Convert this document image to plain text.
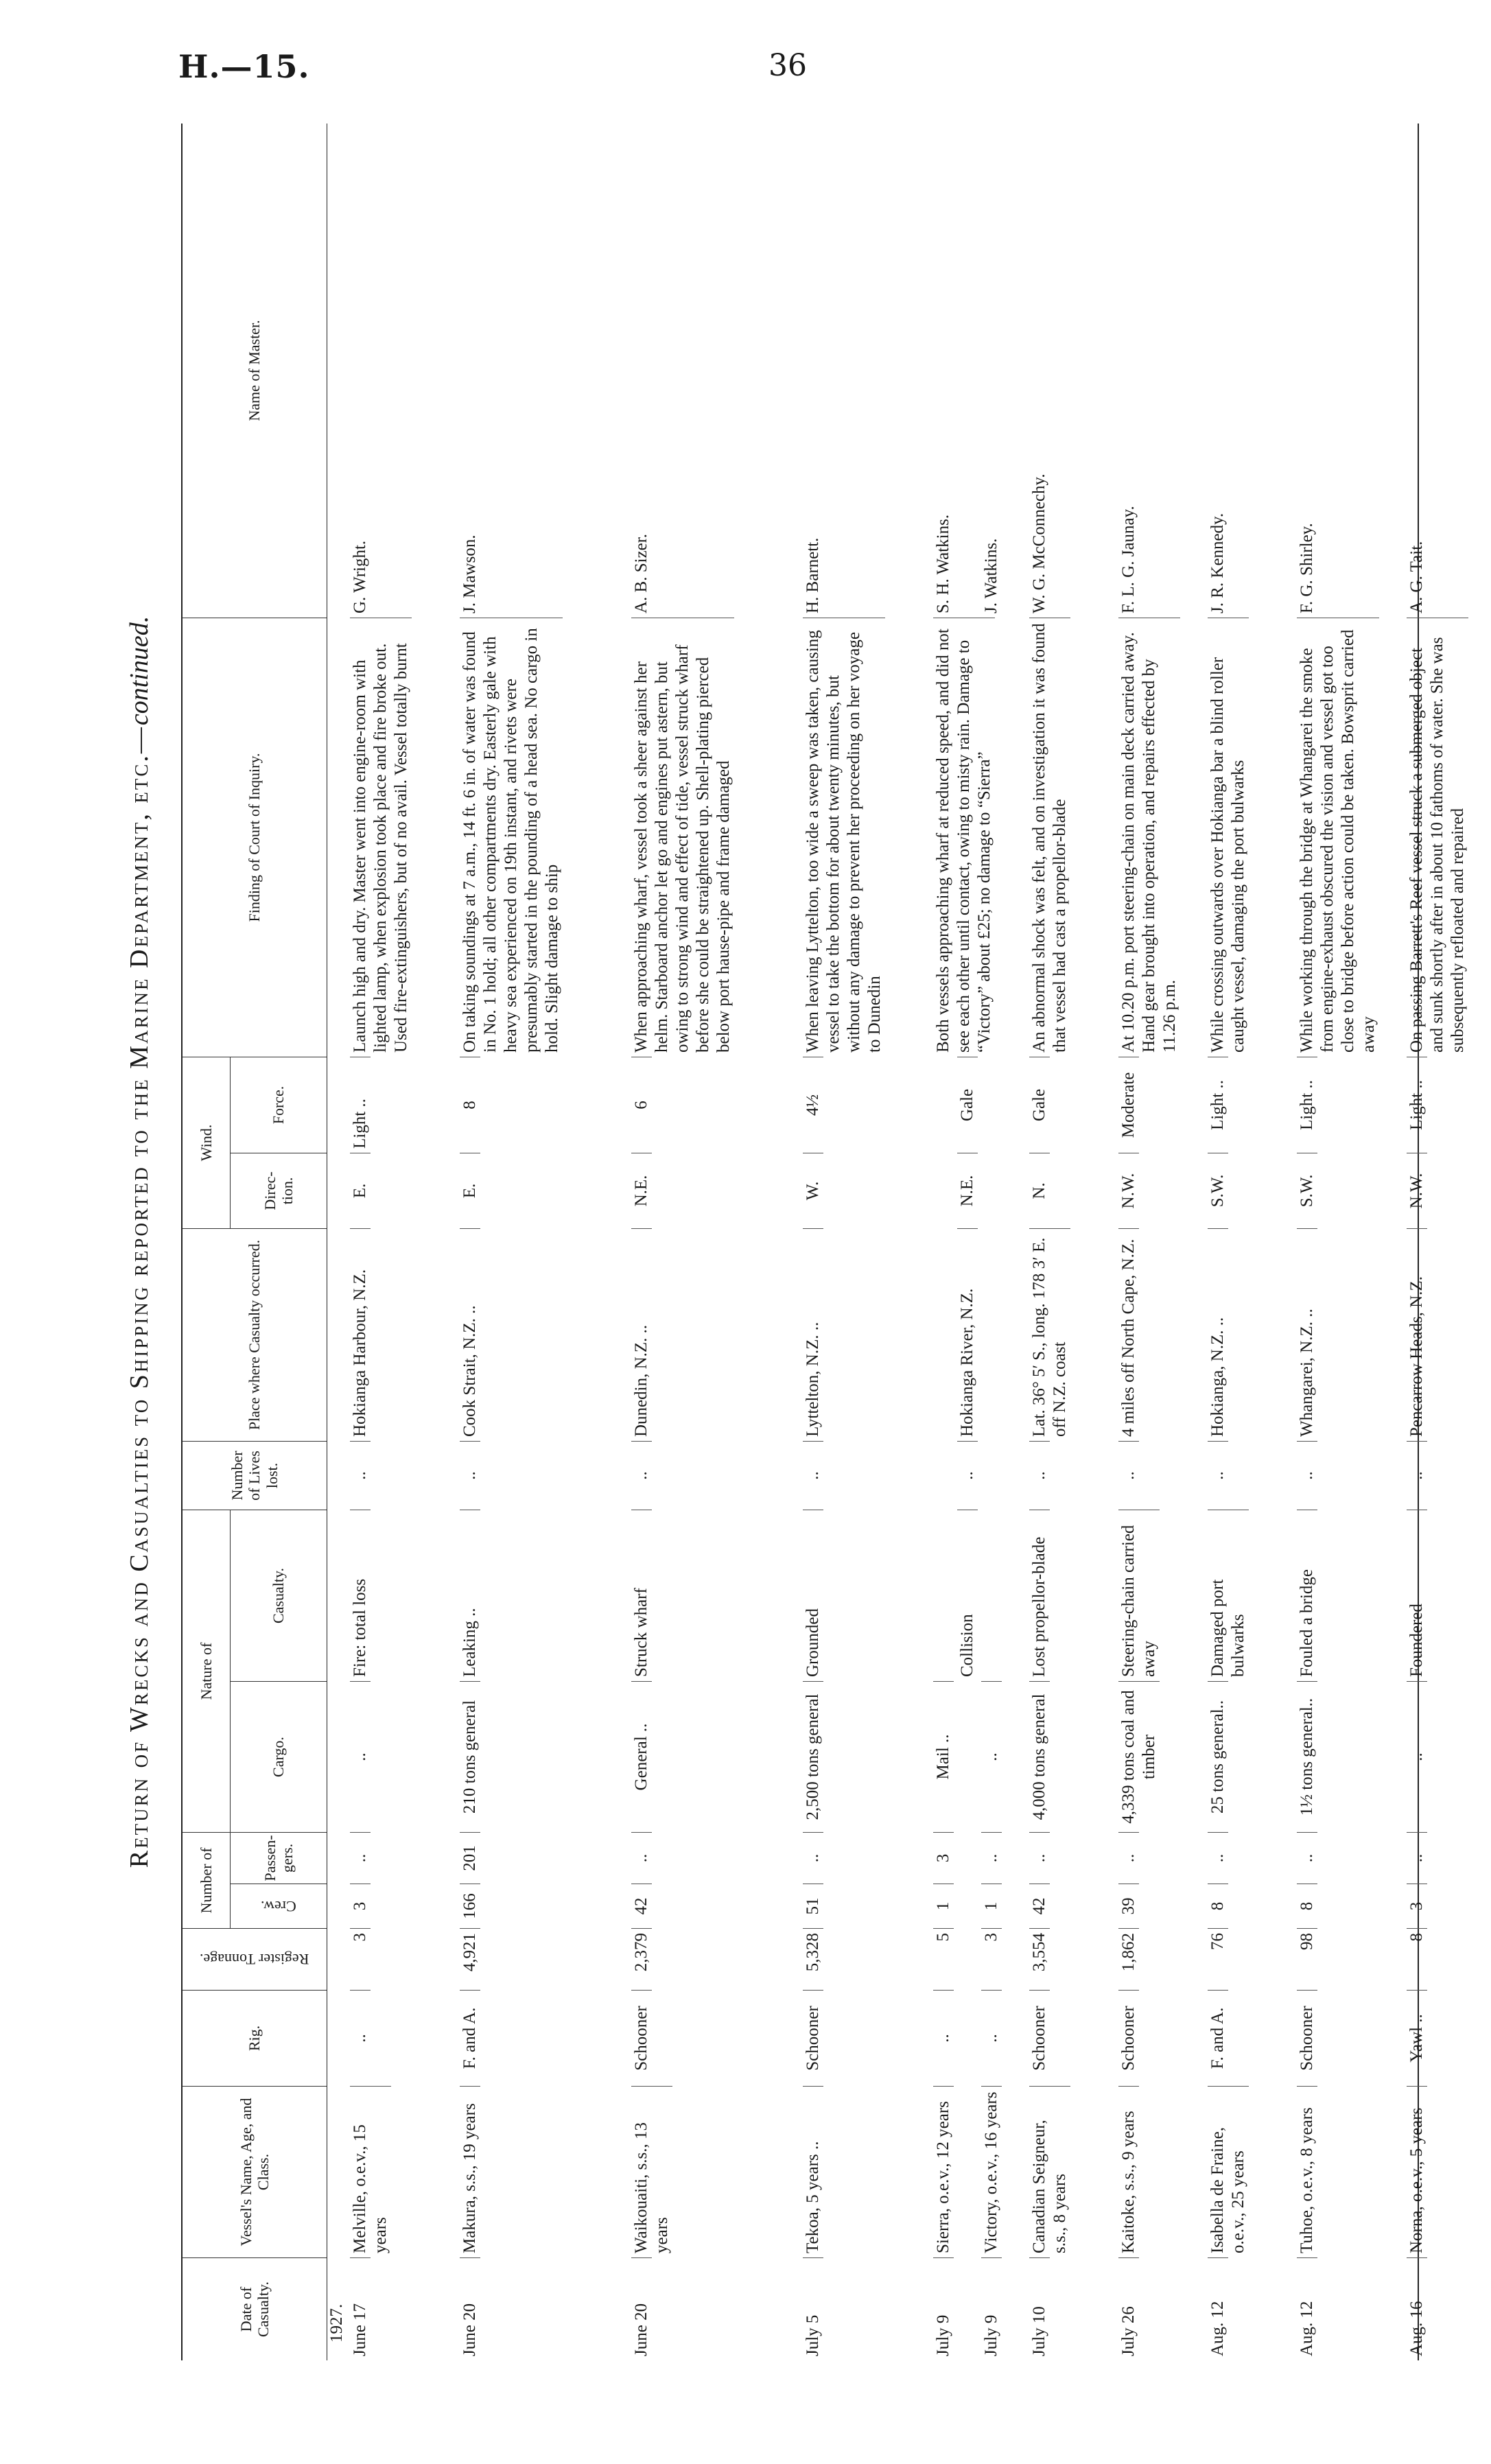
H.—15.	36
Return of Wrecks and Casualties to Shipping reported to the Marine Department, etc.—continued.
Date of Casualty.
Vessel's Name, Age, and Class.
Rig.
Register Tonnage.
Number of	Crew.
Passen- gers.
Nature of
Cargo.
Casualty.
Number of Lives lost.
Place where Casualty occurred.
Wind.
Direc- tion.
Force.
Finding of Court of Inquiry.
Name of Master.
1927. June 17
Melville, o.e.v., 15 years
..
3
3
..
..
Fire: total loss
..
Hokianga Harbour, N.Z.
E.
Light ..
Launch high and dry. Master went into engine-room with lighted lamp, when explosion took place and fire broke out. Used fire-extinguishers, but of no avail. Vessel totally burnt
G. Wright.
June 20
Makura, s.s., 19 years
F. and A.
4,921
166
201
210 tons general
Leaking ..
..
Cook Strait, N.Z. ..
E.
8
On taking soundings at 7 a.m., 14 ft. 6 in. of water was found in No. 1 hold; all other compartments dry. Easterly gale with heavy sea experienced on 19th instant, and rivets were presumably started in the pounding of a head sea. No cargo in hold. Slight damage to ship
J. Mawson.
June 20
Waikouaiti, s.s., 13 years
Schooner
2,379
42
..
General ..
Struck wharf
..
Dunedin, N.Z. ..
N.E.
6
When approaching wharf, vessel took a sheer against her helm. Starboard anchor let go and engines put astern, but owing to strong wind and effect of tide, vessel struck wharf before she could be straightened up. Shell-plating pierced below port hause-pipe and frame damaged
A. B. Sizer.
July 5
Tekoa, 5 years ..
Schooner
5,328
51
..
2,500 tons general
Grounded
..
Lyttelton, N.Z. ..
W.
4½
When leaving Lyttelton, too wide a sweep was taken, causing vessel to take the bottom for about twenty minutes, but without any damage to prevent her proceeding on her voyage to Dunedin
H. Barnett.
July 9
Sierra, o.e.v., 12 years
..
5
1
3
Mail ..
Collision
..
Hokianga River, N.Z.
N.E.
Gale
Both vessels approaching wharf at reduced speed, and did not see each other until contact, owing to misty rain. Damage to “Victory” about £25; no damage to “Sierra”
S. H. Watkins.
July 9
Victory, o.e.v., 16 years
..
3
1
..
..
J. Watkins.
July 10
Canadian Seigneur, s.s., 8 years
Schooner
3,554
42
..
4,000 tons general
Lost propellor-blade
..
Lat. 36° 5′ S., long. 178 3′ E. off N.Z. coast
N.
Gale
An abnormal shock was felt, and on investigation it was found that vessel had cast a propellor-blade
W. G. McConnechy.
July 26
Kaitoke, s.s., 9 years
Schooner
1,862
39
..
4,339 tons coal and timber
Steering-chain carried away
..
4 miles off North Cape, N.Z.
N.W.
Moderate
At 10.20 p.m. port steering-chain on main deck carried away. Hand gear brought into operation, and repairs effected by 11.26 p.m.
F. L. G. Jaunay.
Aug. 12
Isabella de Fraine, o.e.v., 25 years
F. and A.
76
8
..
25 tons general..
Damaged port bulwarks
..
Hokianga, N.Z. ..
S.W.
Light ..
While crossing outwards over Hokianga bar a blind roller caught vessel, damaging the port bulwarks
J. R. Kennedy.
Aug. 12
Tuhoe, o.e.v., 8 years
Schooner
98
8
..
1½ tons general..
Fouled a bridge
..
Whangarei, N.Z. ..
S.W.
Light ..
While working through the bridge at Whangarei the smoke from engine-exhaust obscured the vision and vessel got too close to bridge before action could be taken. Bowsprit carried away
F. G. Shirley.
Aug. 16
Norna, o.e.v., 5 years
Yawl ..
8
3
..
..
Foundered
..
Pencarrow Heads, N.Z.
N.W.
Light ..
On passing Barrett's Reef vessel struck a submerged object and sunk shortly after in about 10 fathoms of water. She was subsequently refloated and repaired
A. G. Tait.
